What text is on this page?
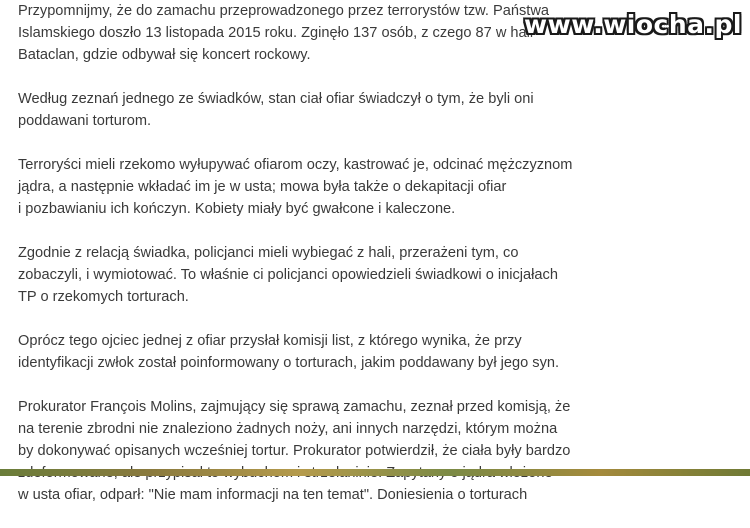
Przypomnijmy, że do zamachu przeprowadzonego przez terrorystów tzw. Państwa
Islamskiego doszło 13 listopada 2015 roku. Zginęło 137 osób, z czego 87 w hali
Bataclan, gdzie odbywał się koncert rockowy.

Według zeznań jednego ze świadków, stan ciał ofiar świadczył o tym, że byli oni
poddawani torturom.

Terroryści mieli rzekomo wyłupywać ofiarom oczy, kastrować je, odcinać mężczyznom
jądra, a następnie wkładać im je w usta; mowa była także o dekapitacji ofiar
i pozbawianiu ich kończyn. Kobiety miały być gwałcone i kaleczone.

Zgodnie z relacją świadka, policjanci mieli wybiegać z hali, przerażeni tym, co
zobaczyli, i wymiotować. To właśnie ci policjanci opowiedzieli świadkowi o inicjałach
TP o rzekomych torturach.

Oprócz tego ojciec jednej z ofiar przysłał komisji list, z którego wynika, że przy
identyfikacji zwłok został poinformowany o torturach, jakim poddawany był jego syn.

Prokurator François Molins, zajmujący się sprawą zamachu, zeznał przed komisją, że
na terenie zbrodni nie znaleziono żadnych noży, ani innych narzędzi, którym można
by dokonywać opisanych wcześniej tortur. Prokurator potwierdził, że ciała były bardzo
w usta ofiar, odparł: "Nie mam informacji na ten temat". Doniesienia o torturach

www.wiocha.pl
